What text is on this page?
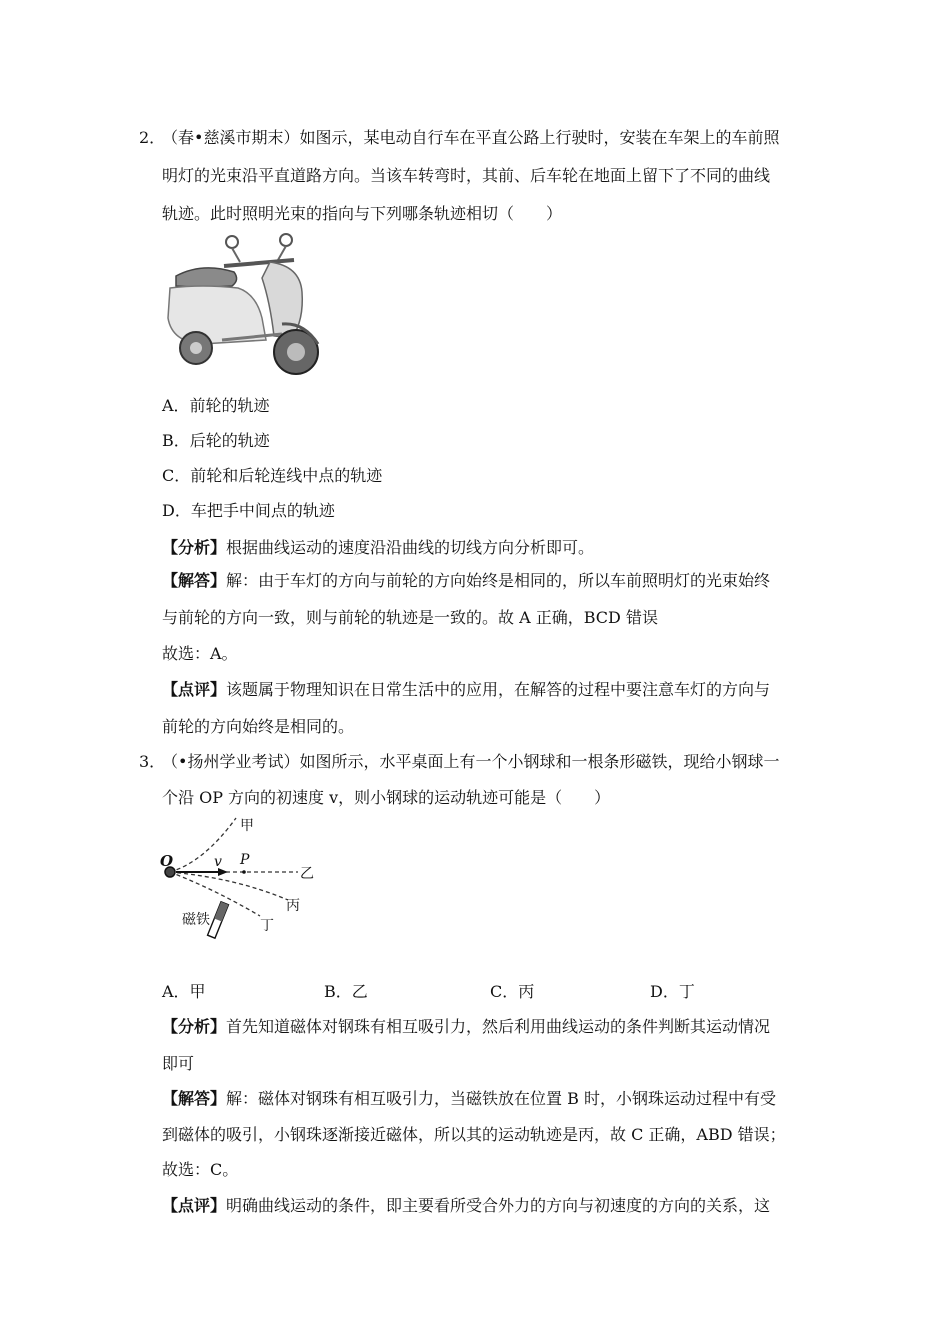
2．
（春•慈溪市期末）如图示，某电动自行车在平直公路上行驶时，安装在车架上的车前照
明灯的光束沿平直道路方向。当该车转弯时，其前、后车轮在地面上留下了不同的曲线
轨迹。此时照明光束的指向与下列哪条轨迹相切（　　）
A．前轮的轨迹
B．后轮的轨迹
C．前轮和后轮连线中点的轨迹
D．车把手中间点的轨迹
【分析】根据曲线运动的速度沿沿曲线的切线方向分析即可。
【解答】解：由于车灯的方向与前轮的方向始终是相同的，所以车前照明灯的光束始终
与前轮的方向一致，则与前轮的轨迹是一致的。故 A 正确，BCD 错误
故选：A。
【点评】该题属于物理知识在日常生活中的应用，在解答的过程中要注意车灯的方向与
前轮的方向始终是相同的。
3．
（•扬州学业考试）如图所示，水平桌面上有一个小钢球和一根条形磁铁，现给小钢球一
个沿 OP 方向的初速度 v，则小钢球的运动轨迹可能是（　　）
O	v P
甲
乙
丙
丁
磁铁
A．甲	B．乙	C．丙	D．丁
【分析】首先知道磁体对钢珠有相互吸引力，然后利用曲线运动的条件判断其运动情况
即可
【解答】解：磁体对钢珠有相互吸引力，当磁铁放在位置 B 时，小钢珠运动过程中有受
到磁体的吸引，小钢珠逐渐接近磁体，所以其的运动轨迹是丙，故 C 正确，ABD 错误；
故选：C。
【点评】明确曲线运动的条件，即主要看所受合外力的方向与初速度的方向的关系，这
